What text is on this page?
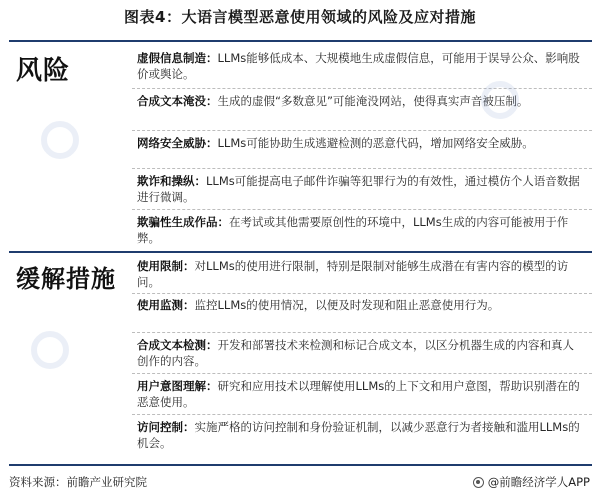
图表4：大语言模型恶意使用领域的风险及应对措施
风险	虚假信息制造：LLMs能够低成本、大规模地生成虚假信息，可能用于误导公众、影响股价或舆论。
合成文本淹没：生成的虚假“多数意见”可能淹没网站，使得真实声音被压制。
网络安全威胁：LLMs可能协助生成逃避检测的恶意代码，增加网络安全威胁。
欺诈和操纵：LLMs可能提高电子邮件诈骗等犯罪行为的有效性，通过模仿个人语音数据进行微调。
欺骗性生成作品：在考试或其他需要原创性的环境中，LLMs生成的内容可能被用于作弊。
缓解措施 使用限制：对LLMs的使用进行限制，特别是限制对能够生成潜在有害内容的模型的访问。
使用监测：监控LLMs的使用情况，以便及时发现和阻止恶意使用行为。
合成文本检测：开发和部署技术来检测和标记合成文本，以区分机器生成的内容和真人创作的内容。
用户意图理解：研究和应用技术以理解使用LLMs的上下文和用户意图，帮助识别潜在的恶意使用。
访问控制：实施严格的访问控制和身份验证机制，以减少恶意行为者接触和滥用LLMs的机会。
资料来源：前瞻产业研究院	@前瞻经济学人APP
